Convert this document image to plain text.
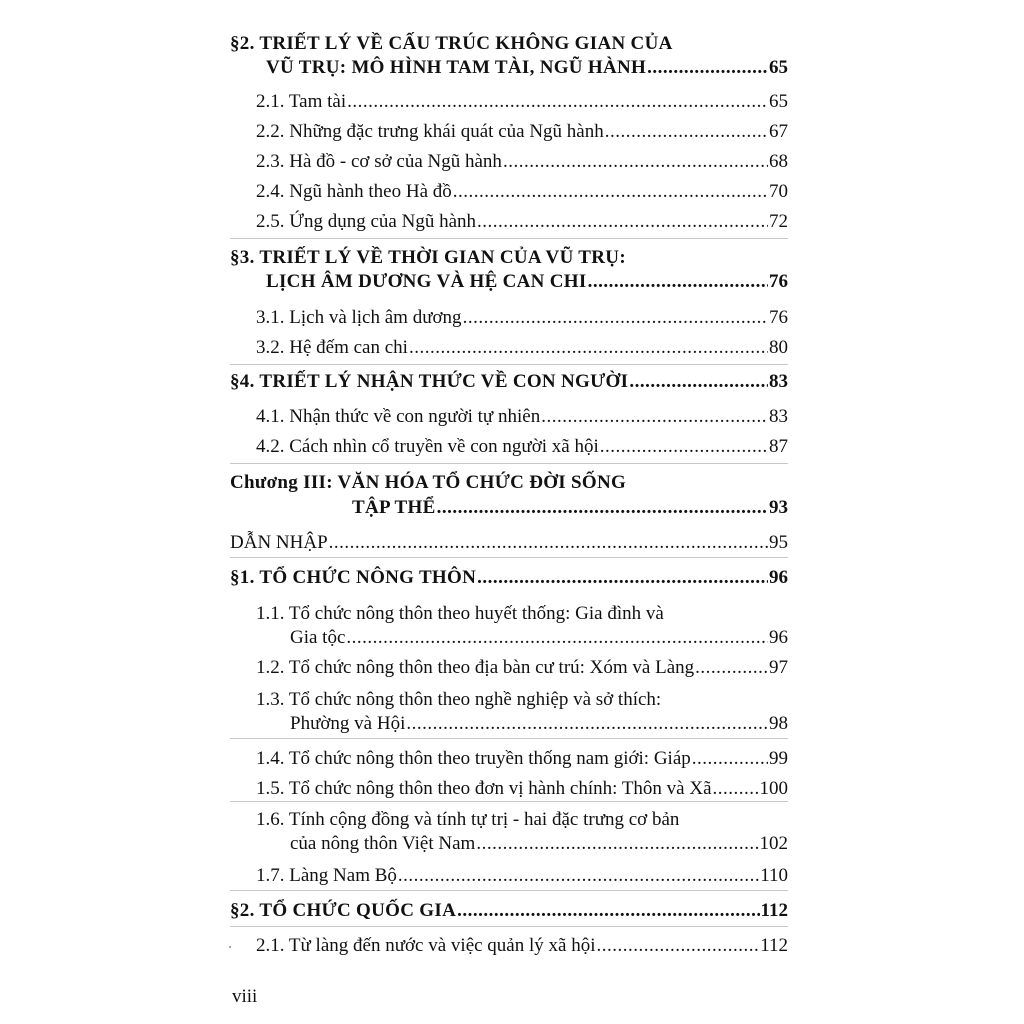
§2. TRIẾT LÝ VỀ CẤU TRÚC KHÔNG GIAN CỦA
VŨ TRỤ: MÔ HÌNH TAM TÀI, NGŨ HÀNH .....	65
2.1. Tam tài .....	65
2.2. Những đặc trưng khái quát của Ngũ hành .....	67
2.3. Hà đồ - cơ sở của Ngũ hành .....	68
2.4. Ngũ hành theo Hà đồ .....	70
2.5. Ứng dụng của Ngũ hành .....	72
§3. TRIẾT LÝ VỀ THỜI GIAN CỦA VŨ TRỤ:
LỊCH ÂM DƯƠNG VÀ HỆ CAN CHI .....	76
3.1. Lịch và lịch âm dương .....	76
3.2. Hệ đếm can chi .....	80
§4. TRIẾT LÝ NHẬN THỨC VỀ CON NGƯỜI .....	83
4.1. Nhận thức về con người tự nhiên .....	83
4.2. Cách nhìn cổ truyền về con người xã hội .....	87
Chương III: VĂN HÓA TỔ CHỨC ĐỜI SỐNG
TẬP THỂ .....	93
DẪN NHẬP .....	95
§1. TỔ CHỨC NÔNG THÔN .....	96
1.1. Tổ chức nông thôn theo huyết thống: Gia đình và
Gia tộc .....	96
1.2. Tổ chức nông thôn theo địa bàn cư trú: Xóm và Làng .....	97
1.3. Tổ chức nông thôn theo nghề nghiệp và sở thích:
Phường và Hội .....	98
1.4. Tổ chức nông thôn theo truyền thống nam giới: Giáp .....	99
1.5. Tổ chức nông thôn theo đơn vị hành chính: Thôn và Xã .....	100
1.6. Tính cộng đồng và tính tự trị - hai đặc trưng cơ bản
của nông thôn Việt Nam .....	102
1.7. Làng Nam Bộ .....	110
§2. TỔ CHỨC QUỐC GIA .....	112
2.1. Từ làng đến nước và việc quản lý xã hội .....	112
viii
